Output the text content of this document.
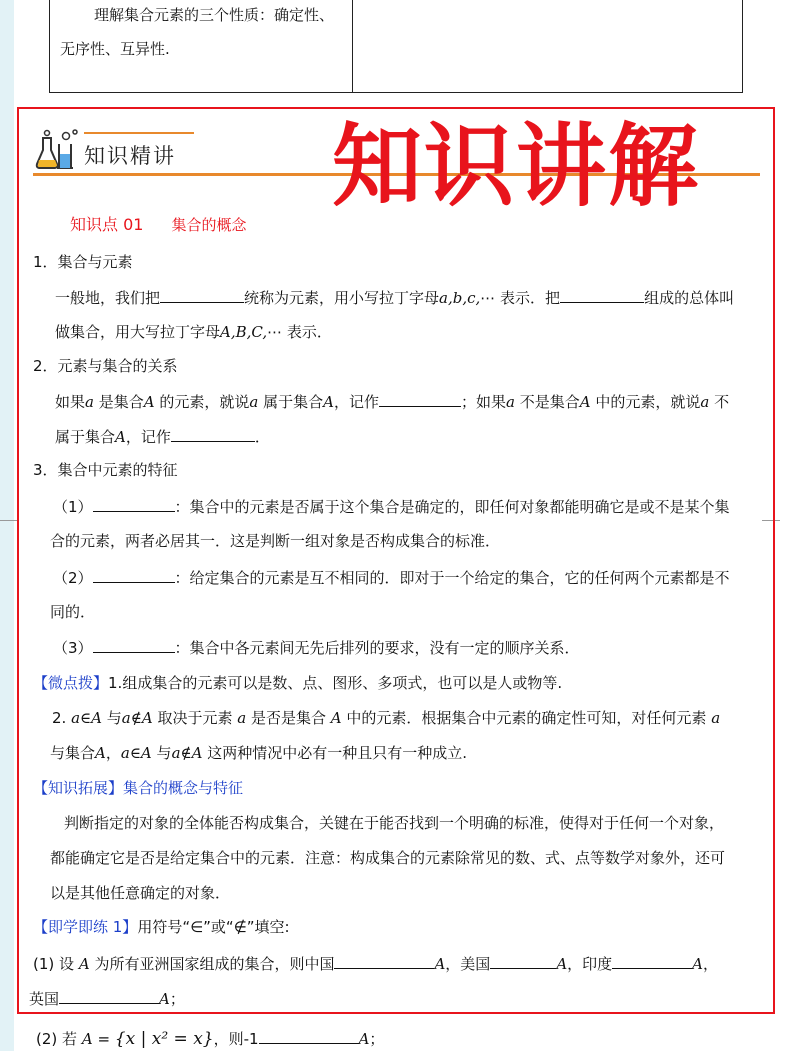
理解集合元素的三个性质：确定性、无序性、互异性.
知识精讲 知识讲解
知识点 01 集合的概念
1．集合与元素
一般地，我们把	统称为元素，用小写拉丁字母a,b,c,⋯ 表示．把	组成的总体叫
做集合，用大写拉丁字母A,B,C,⋯ 表示．
2．元素与集合的关系
如果a 是集合A 的元素，就说a 属于集合A，记作	；如果a 不是集合A 中的元素，就说a 不
属于集合A，记作	．
3．集合中元素的特征
（1）	：集合中的元素是否属于这个集合是确定的，即任何对象都能明确它是或不是某个集
合的元素，两者必居其一．这是判断一组对象是否构成集合的标准．
（2）	：给定集合的元素是互不相同的．即对于一个给定的集合，它的任何两个元素都是不
同的．
（3）	：集合中各元素间无先后排列的要求，没有一定的顺序关系．
【微点拨】1.组成集合的元素可以是数、点、图形、多项式，也可以是人或物等.
2. a∈A 与a∉A 取决于元素 a 是否是集合 A 中的元素．根据集合中元素的确定性可知，对任何元素 a
与集合A，a∈A 与a∉A 这两种情况中必有一种且只有一种成立.
【知识拓展】集合的概念与特征
判断指定的对象的全体能否构成集合，关键在于能否找到一个明确的标准，使得对于任何一个对象，
都能确定它是否是给定集合中的元素．注意：构成集合的元素除常见的数、式、点等数学对象外，还可
以是其他任意确定的对象．
【即学即练 1】用符号“∈”或“∉”填空:
(1) 设 A 为所有亚洲国家组成的集合，则中国	A，美国	A，印度	A，
英国	A；
(2) 若 A = {x | x² = x}，则-1	A；
